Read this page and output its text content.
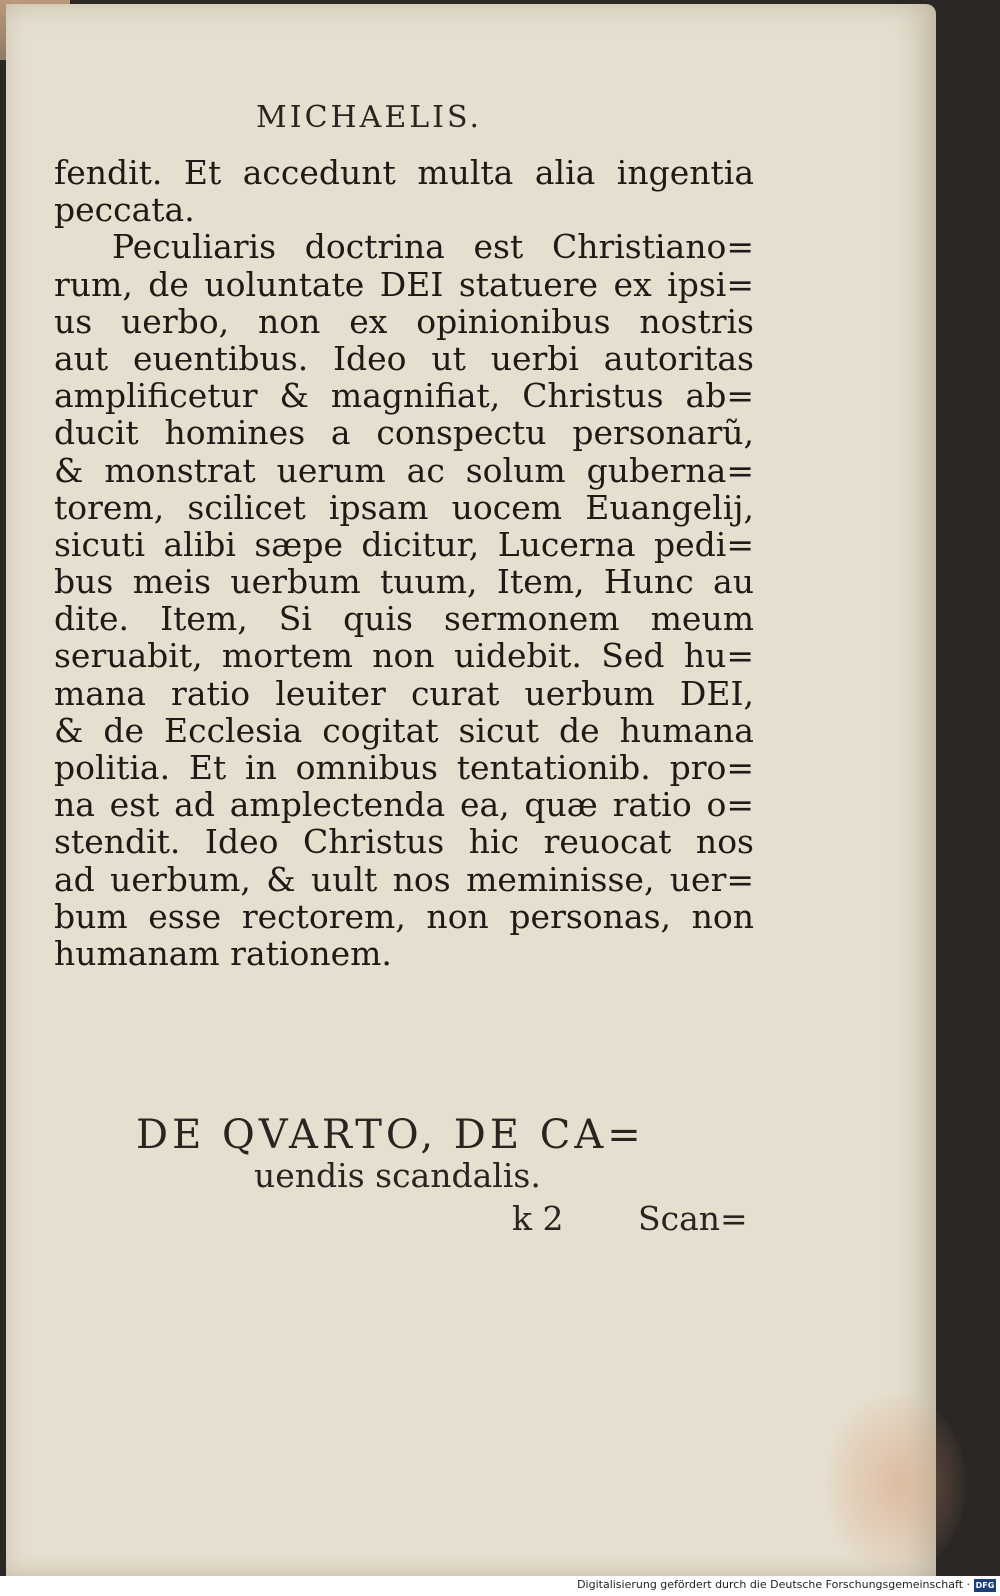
MICHAELIS.
fendit. Et accedunt multa alia ingentia
peccata.
Peculiaris doctrina est Christiano=
rum, de uoluntate DEI statuere ex ipsi=
us uerbo, non ex opinionibus nostris
aut euentibus. Ideo ut uerbi autoritas
amplificetur & magnifiat, Christus ab=
ducit homines a conspectu personarũ,
& monstrat uerum ac solum guberna=
torem, scilicet ipsam uocem Euangelij,
sicuti alibi sæpe dicitur, Lucerna pedi=
bus meis uerbum tuum, Item, Hunc au
dite. Item, Si quis sermonem meum
seruabit, mortem non uidebit. Sed hu=
mana ratio leuiter curat uerbum DEI,
& de Ecclesia cogitat sicut de humana
politia. Et in omnibus tentationib. pro=
na est ad amplectenda ea, quæ ratio o=
stendit. Ideo Christus hic reuocat nos
ad uerbum, & uult nos meminisse, uer=
bum esse rectorem, non personas, non
humanam rationem.
DE QVARTO, DE CA=
uendis scandalis.
k 2	Scan=
Digitalisierung gefördert durch die Deutsche Forschungsgemeinschaft · DFG
